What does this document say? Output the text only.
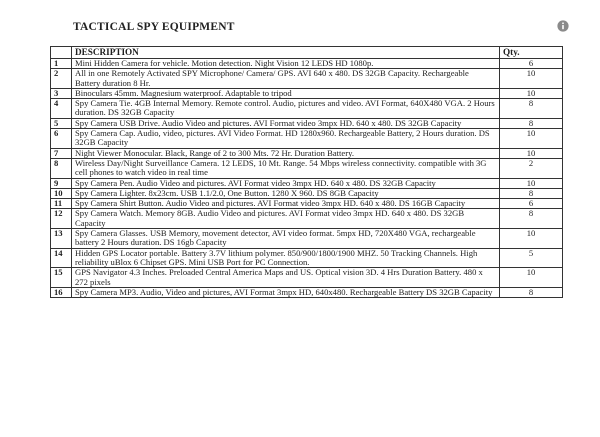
TACTICAL SPY EQUIPMENT
	DESCRIPTION	Qty.
1	Mini Hidden Camera for vehicle. Motion detection. Night Vision 12 LEDS HD 1080p.	6
2	All in one Remotely Activated SPY Microphone/ Camera/ GPS. AVI 640 x 480. DS 32GB Capacity. Rechargeable Battery duration 8 Hr.	10
3	Binoculars 45mm. Magnesium waterproof. Adaptable to tripod	10
4	Spy Camera Tie. 4GB Internal Memory. Remote control. Audio, pictures and video. AVI Format, 640X480 VGA. 2 Hours duration. DS 32GB Capacity	8
5	Spy Camera USB Drive. Audio Video and pictures. AVI Format video 3mpx HD. 640 x 480. DS 32GB Capacity	8
6	Spy Camera Cap. Audio, video, pictures. AVI Video Format. HD 1280x960. Rechargeable Battery, 2 Hours duration. DS 32GB Capacity	10
7	Night Viewer Monocular. Black, Range of 2 to 300 Mts. 72 Hr. Duration Battery.	10
8	Wireless Day/Night Surveillance Camera. 12 LEDS, 10 Mt. Range. 54 Mbps wireless connectivity. compatible with 3G cell phones to watch video in real time	2
9	Spy Camera Pen. Audio Video and pictures. AVI Format video 3mpx HD. 640 x 480. DS 32GB Capacity	10
10	Spy Camera Lighter. 8x23cm. USB 1.1/2.0, One Button. 1280 X 960. DS 8GB Capacity	8
11	Spy Camera Shirt Button. Audio Video and pictures. AVI Format video 3mpx HD. 640 x 480. DS 16GB Capacity	6
12	Spy Camera Watch. Memory 8GB. Audio Video and pictures. AVI Format video 3mpx HD. 640 x 480. DS 32GB Capacity	8
13	Spy Camera Glasses. USB Memory, movement detector, AVI video format. 5mpx HD, 720X480 VGA, rechargeable battery 2 Hours duration. DS 16gb Capacity	10
14	Hidden GPS Locator portable. Battery 3.7V lithium polymer. 850/900/1800/1900 MHZ. 50 Tracking Channels. High reliability uBlox 6 Chipset GPS. Mini USB Port for PC Connection.	5
15	GPS Navigator 4.3 Inches. Preloaded Central America Maps and US. Optical vision 3D. 4 Hrs Duration Battery. 480 x 272 pixels	10
16	Spy Camera MP3. Audio, Video and pictures, AVI Format 3mpx HD, 640x480. Rechargeable Battery DS 32GB Capacity	8
